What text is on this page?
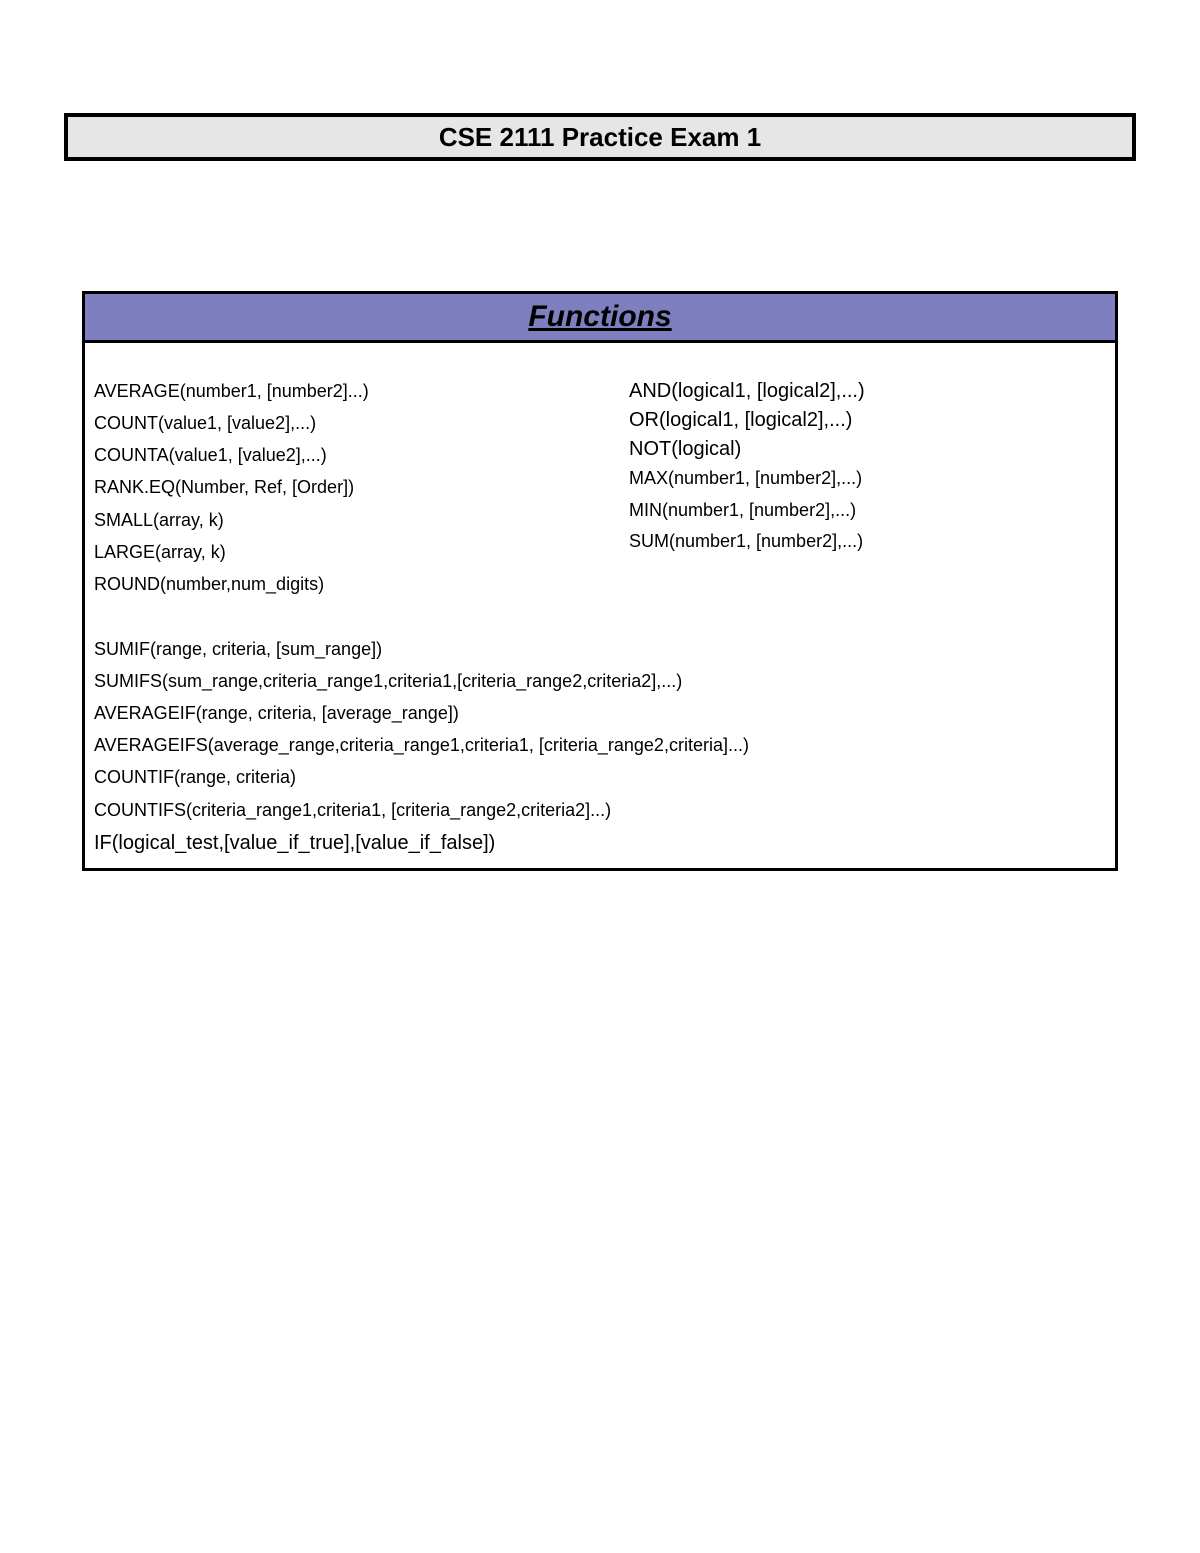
CSE 2111 Practice Exam 1
Functions
AVERAGE(number1, [number2]...)
COUNT(value1, [value2],...)
COUNTA(value1, [value2],...)
RANK.EQ(Number, Ref, [Order])
SMALL(array, k)
LARGE(array, k)
ROUND(number,num_digits)
AND(logical1, [logical2],...)
OR(logical1, [logical2],...)
NOT(logical)
MAX(number1, [number2],...)
MIN(number1, [number2],...)
SUM(number1, [number2],...)
SUMIF(range, criteria, [sum_range])
SUMIFS(sum_range,criteria_range1,criteria1,[criteria_range2,criteria2],...)
AVERAGEIF(range, criteria, [average_range])
AVERAGEIFS(average_range,criteria_range1,criteria1, [criteria_range2,criteria]...)
COUNTIF(range, criteria)
COUNTIFS(criteria_range1,criteria1, [criteria_range2,criteria2]...)
IF(logical_test,[value_if_true],[value_if_false])
